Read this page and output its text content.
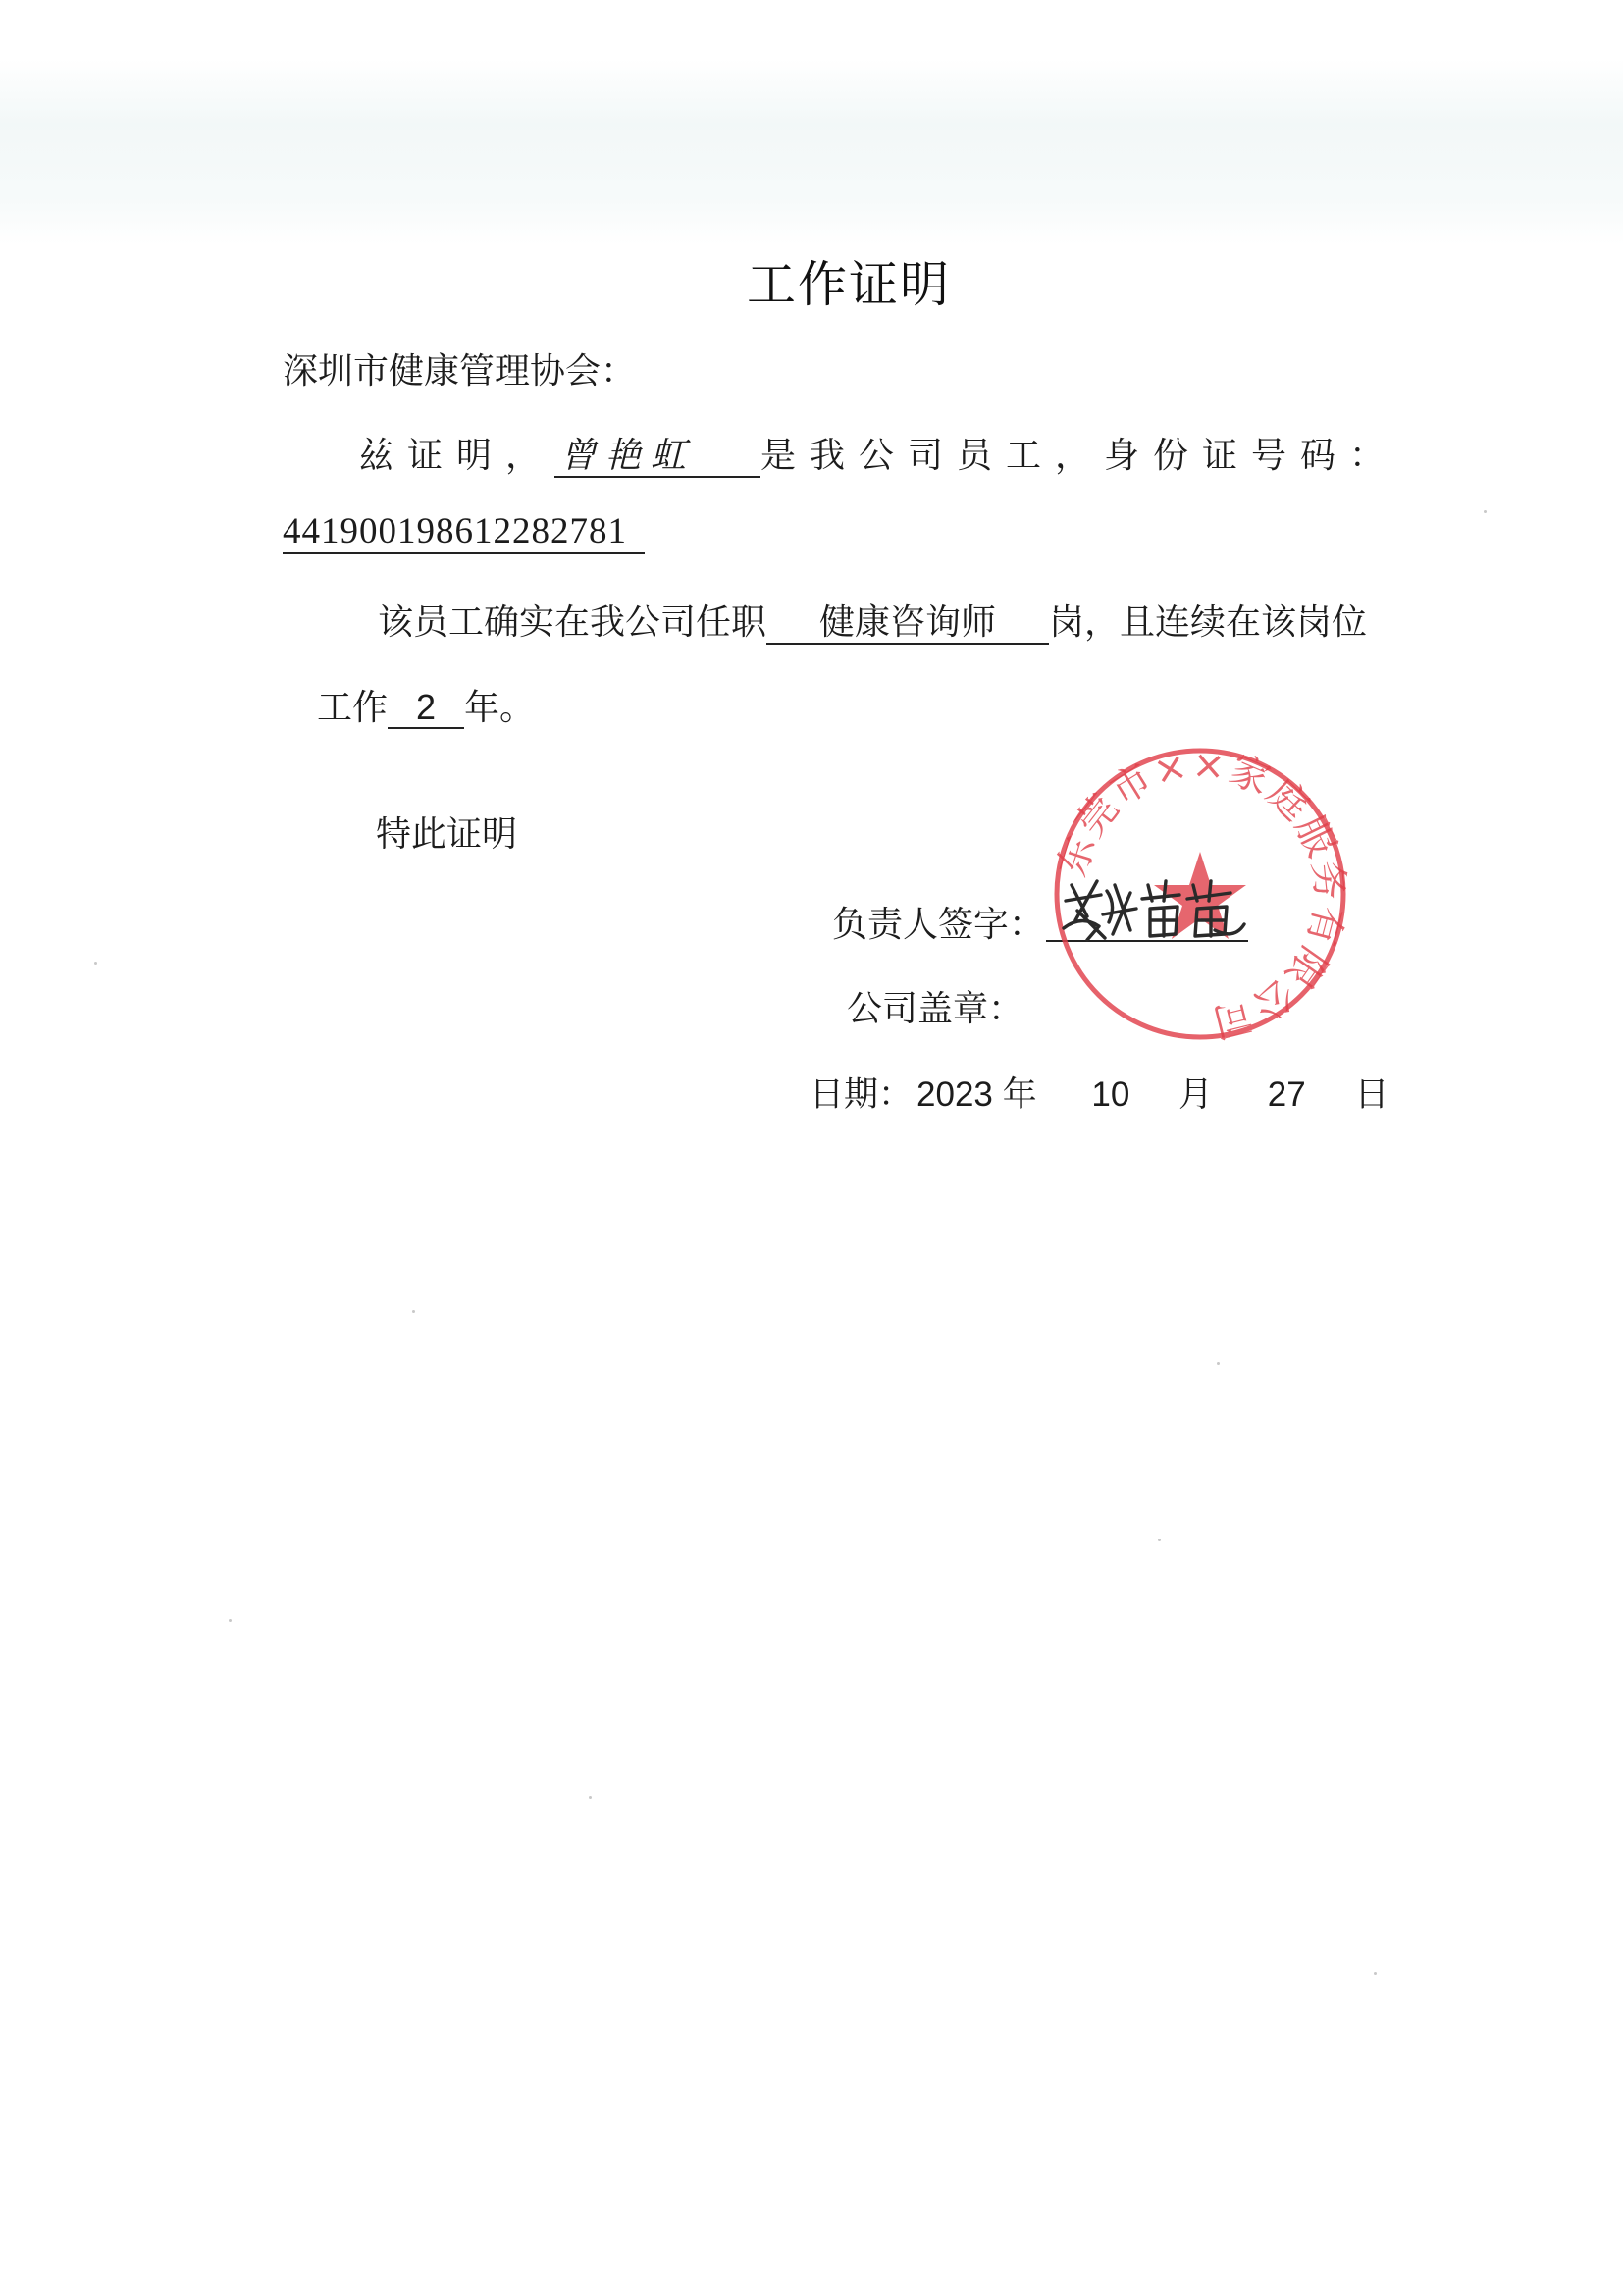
工作证明
深圳市健康管理协会：
兹证明， 曾艳虹	是我公司员工，身份证号码：
441900198612282781
该员工确实在我公司任职 健康咨询师 岗，且连续在该岗位
工作 2 年。
特此证明
负责人签字：
公司盖章：
日期： 2023 年 10 月 27 日
东莞市××家庭服务有限公司
